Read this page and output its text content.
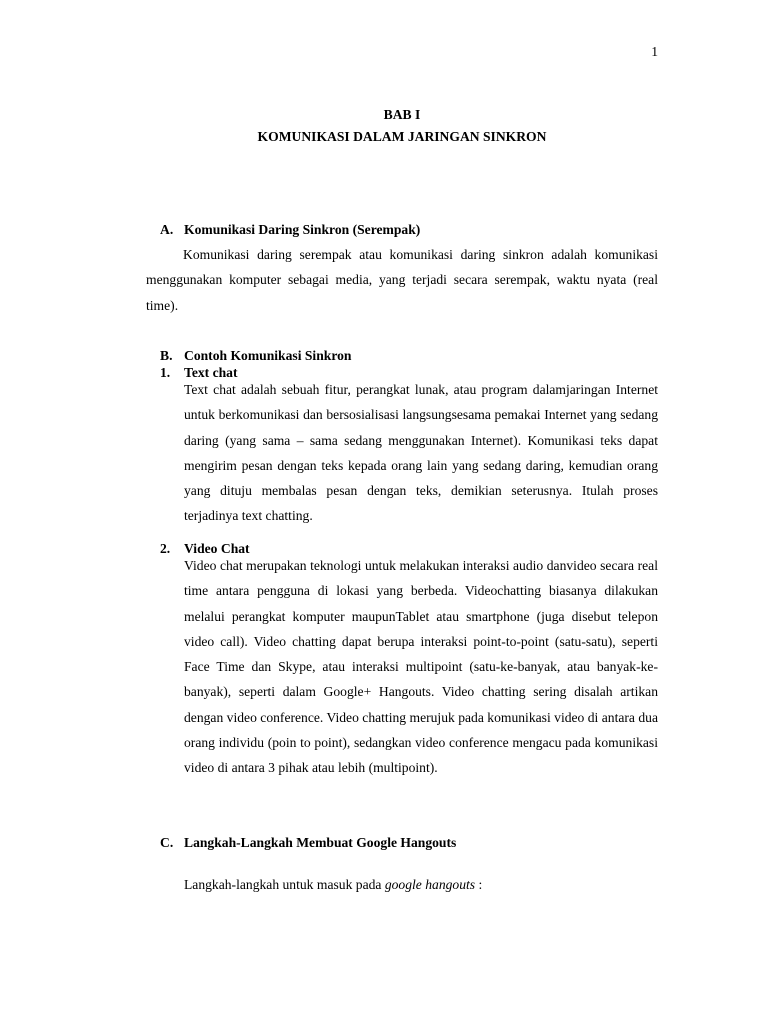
1
BAB I
KOMUNIKASI DALAM JARINGAN SINKRON
A. Komunikasi Daring Sinkron (Serempak)
Komunikasi daring serempak atau komunikasi daring sinkron adalah komunikasi menggunakan komputer sebagai media, yang terjadi secara serempak, waktu nyata (real time).
B. Contoh Komunikasi Sinkron
1. Text chat
Text chat adalah sebuah fitur, perangkat lunak, atau program dalamjaringan Internet untuk berkomunikasi dan bersosialisasi langsungsesama pemakai Internet yang sedang daring (yang sama – sama sedang menggunakan Internet). Komunikasi teks dapat mengirim pesan dengan teks kepada orang lain yang sedang daring, kemudian orang yang dituju membalas pesan dengan teks, demikian seterusnya. Itulah proses terjadinya text chatting.
2. Video Chat
Video chat merupakan teknologi untuk melakukan interaksi audio danvideo secara real time antara pengguna di lokasi yang berbeda. Videochatting biasanya dilakukan melalui perangkat komputer maupunTablet atau smartphone (juga disebut telepon video call). Video chatting dapat berupa interaksi point-to-point (satu-satu), seperti Face Time dan Skype, atau interaksi multipoint (satu-ke-banyak, atau banyak-ke-banyak), seperti dalam Google+ Hangouts. Video chatting sering disalah artikan dengan video conference. Video chatting merujuk pada komunikasi video di antara dua orang individu (poin to point), sedangkan video conference mengacu pada komunikasi video di antara 3 pihak atau lebih (multipoint).
C. Langkah-Langkah Membuat Google Hangouts
Langkah-langkah untuk masuk pada google hangouts :
